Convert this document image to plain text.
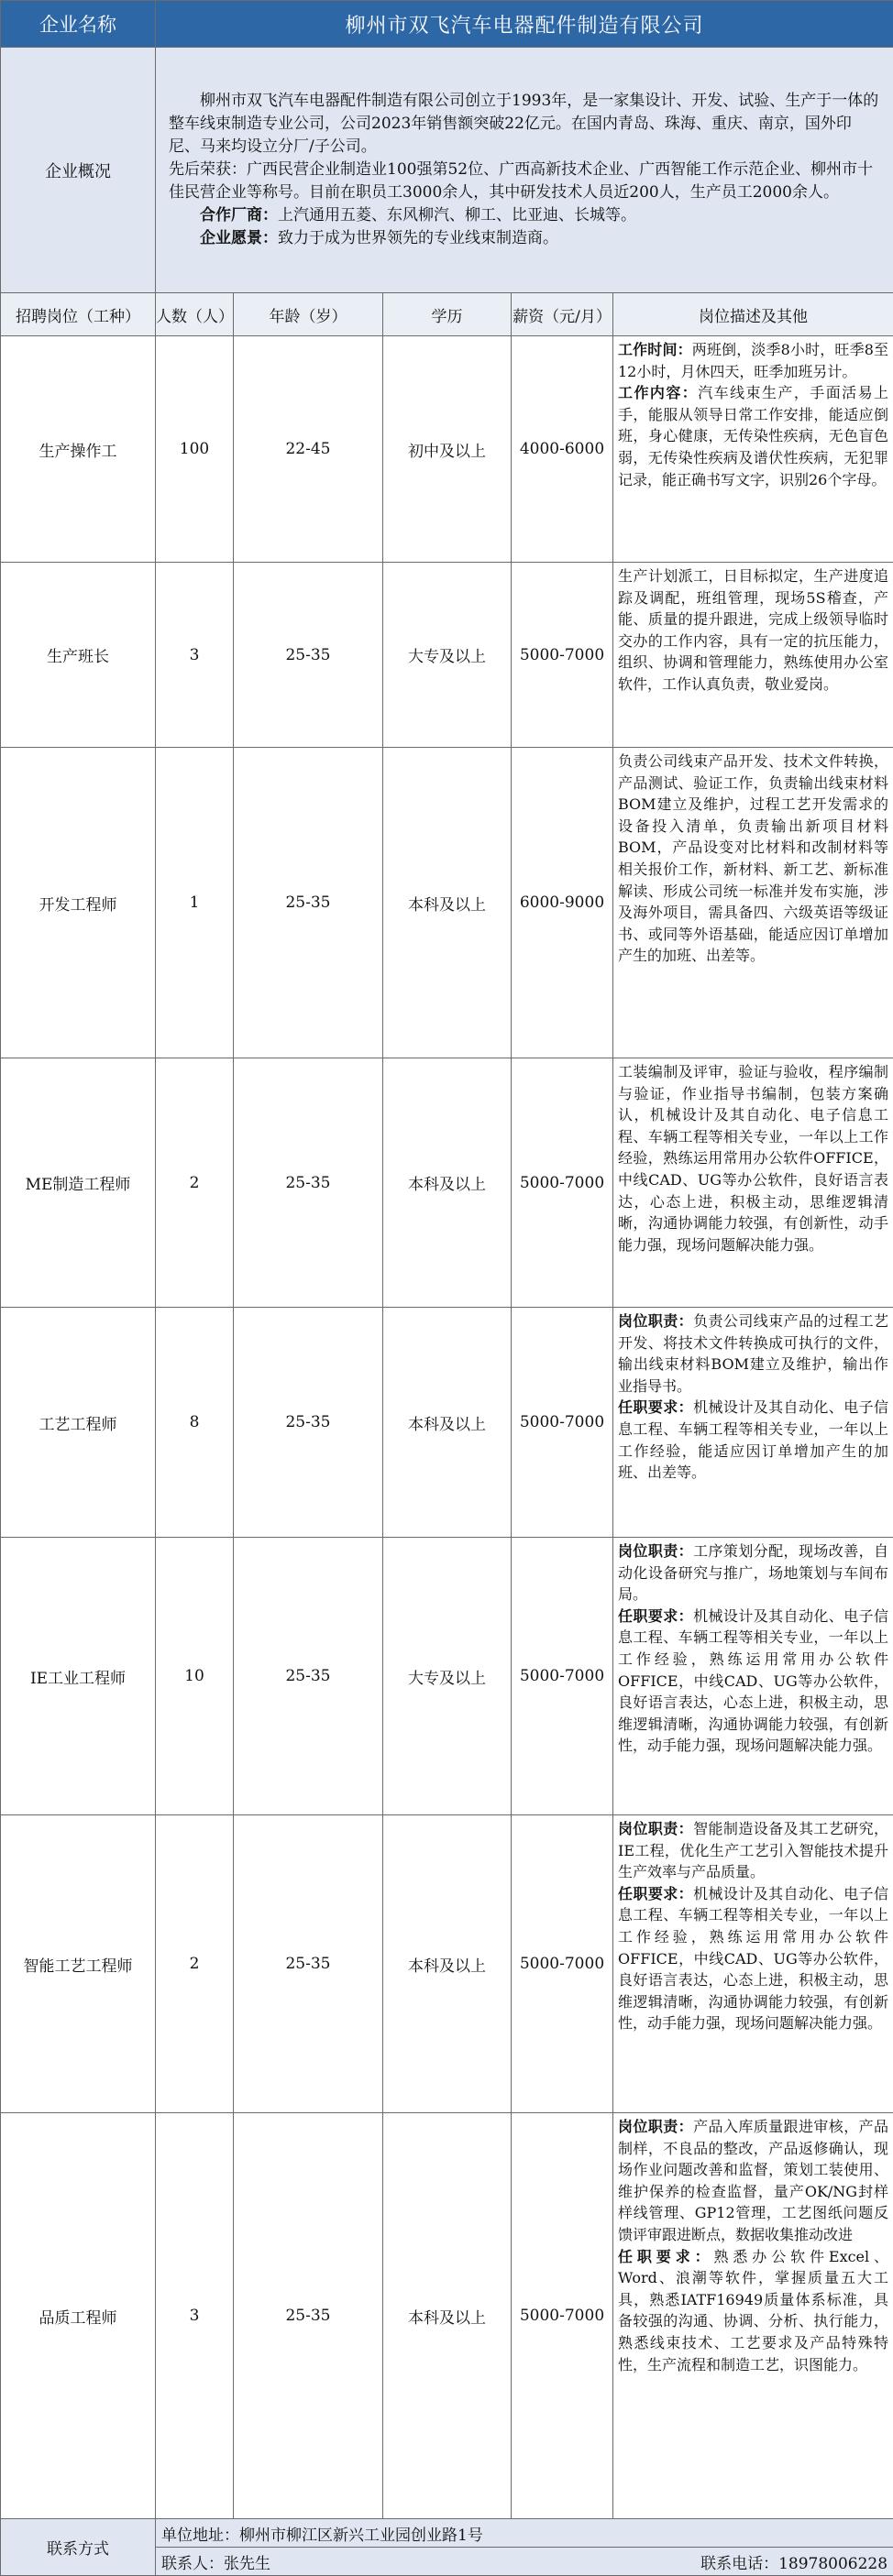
企业名称	柳州市双飞汽车电器配件制造有限公司				
企业概况	柳州市双飞汽车电器配件制造有限公司创立于1993年，是一家集设计、开发、试验、生产于一体的整车线束制造专业公司，公司2023年销售额突破22亿元。在国内青岛、珠海、重庆、南京，国外印尼、马来均设立分厂/子公司。

先后荣获：广西民营企业制造业100强第52位、广西高新技术企业、广西智能工作示范企业、柳州市十佳民营企业等称号。目前在职员工3000余人，其中研发技术人员近200人，生产员工2000余人。

合作厂商：上汽通用五菱、东风柳汽、柳工、比亚迪、长城等。

企业愿景：致力于成为世界领先的专业线束制造商。				

招聘岗位（工种）	人数（人）	年龄（岁）	学历	薪资（元/月）	岗位描述及其他
生产操作工	100	22-45	初中及以上	4000-6000	工作时间：两班倒，淡季8小时，旺季8至12小时，月休四天，旺季加班另计。

工作内容：汽车线束生产，手面活易上手，能服从领导日常工作安排，能适应倒班，身心健康，无传染性疾病，无色盲色弱，无传染性疾病及谱伏性疾病，无犯罪记录，能正确书写文字，识别26个字母。

生产班长	3	25-35	大专及以上	5000-7000	生产计划派工，日目标拟定，生产进度追踪及调配，班组管理，现场5S稽查，产能、质量的提升跟进，完成上级领导临时交办的工作内容，具有一定的抗压能力，组织、协调和管理能力，熟练使用办公室软件，工作认真负责，敬业爱岗。

开发工程师	1	25-35	本科及以上	6000-9000	负责公司线束产品开发、技术文件转换，产品测试、验证工作，负责输出线束材料BOM建立及维护，过程工艺开发需求的设备投入清单，负责输出新项目材料BOM，产品设变对比材料和改制材料等相关报价工作，新材料、新工艺、新标准解读、形成公司统一标准并发布实施，涉及海外项目，需具备四、六级英语等级证书、或同等外语基础，能适应因订单增加产生的加班、出差等。

ME制造工程师	2	25-35	本科及以上	5000-7000	工装编制及评审，验证与验收，程序编制与验证，作业指导书编制，包装方案确认，机械设计及其自动化、电子信息工程、车辆工程等相关专业，一年以上工作经验，熟练运用常用办公软件OFFICE，中线CAD、UG等办公软件，良好语言表达，心态上进，积极主动，思维逻辑清晰，沟通协调能力较强，有创新性，动手能力强，现场问题解决能力强。

工艺工程师	8	25-35	本科及以上	5000-7000	岗位职责：负责公司线束产品的过程工艺开发、将技术文件转换成可执行的文件，输出线束材料BOM建立及维护，输出作业指导书。

任职要求：机械设计及其自动化、电子信息工程、车辆工程等相关专业，一年以上工作经验，能适应因订单增加产生的加班、出差等。

IE工业工程师	10	25-35	大专及以上	5000-7000	岗位职责：工序策划分配，现场改善，自动化设备研究与推广，场地策划与车间布局。

任职要求：机械设计及其自动化、电子信息工程、车辆工程等相关专业，一年以上工作经验，熟练运用常用办公软件 OFFICE，中线CAD、UG等办公软件，良好语言表达，心态上进，积极主动，思维逻辑清晰，沟通协调能力较强，有创新性，动手能力强，现场问题解决能力强。

智能工艺工程师	2	25-35	本科及以上	5000-7000	岗位职责：智能制造设备及其工艺研究，IE工程，优化生产工艺引入智能技术提升生产效率与产品质量。

任职要求：机械设计及其自动化、电子信息工程、车辆工程等相关专业，一年以上工作经验，熟练运用常用办公软件 OFFICE，中线CAD、UG等办公软件，良好语言表达，心态上进，积极主动，思维逻辑清晰，沟通协调能力较强，有创新性，动手能力强，现场问题解决能力强。

品质工程师	3	25-35	本科及以上	5000-7000	岗位职责：产品入库质量跟进审核，产品制样，不良品的整改，产品返修确认，现场作业问题改善和监督，策划工装使用、维护保养的检查监督，量产OK/NG封样样线管理、GP12管理，工艺图纸问题反馈评审跟进断点，数据收集推动改进

任职要求：熟悉办公软件Excel、Word、浪潮等软件，掌握质量五大工具，熟悉IATF16949质量体系标准，具备较强的沟通、协调、分析、执行能力，熟悉线束技术、工艺要求及产品特殊特性，生产流程和制造工艺，识图能力。

联系方式	单位地址：柳州市柳江区新兴工业园创业路1号				

	联系人：张先生 联系电话：18978006228				
